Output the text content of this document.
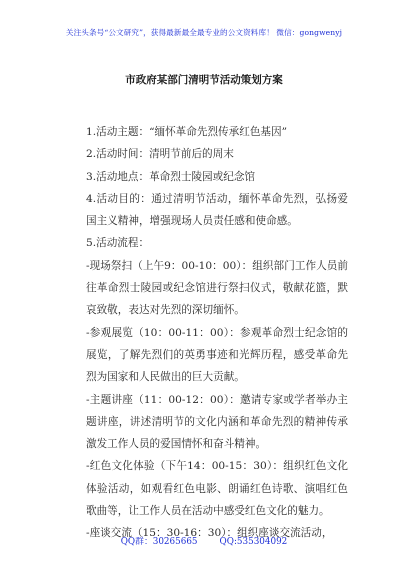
关注头条号“公文研究”，获得最新最全最专业的公文资料库！ 微信：gongwenyj
市政府某部门清明节活动策划方案

1.活动主题：“缅怀革命先烈传承红色基因”

2.活动时间：清明节前后的周末

3.活动地点：革命烈士陵园或纪念馆

4.活动目的：通过清明节活动，缅怀革命先烈，弘扬爱国主义精神，增强现场人员责任感和使命感。

5.活动流程：

-现场祭扫（上午9：00-10：00）：组织部门工作人员前往革命烈士陵园或纪念馆进行祭扫仪式，敬献花篮，默哀致敬，表达对先烈的深切缅怀。

-参观展览（10：00-11：00）：参观革命烈士纪念馆的展览，了解先烈们的英勇事迹和光辉历程，感受革命先烈为国家和人民做出的巨大贡献。

-主题讲座（11：00-12：00）：邀请专家或学者举办主题讲座，讲述清明节的文化内涵和革命先烈的精神传承激发工作人员的爱国情怀和奋斗精神。

-红色文化体验（下午14：00-15：30）：组织红色文化体验活动，如观看红色电影、朗诵红色诗歌、演唱红色歌曲等，让工作人员在活动中感受红色文化的魅力。

-座谈交流（15：30-16：30）：组织座谈交流活动，

QQ群：30265665	QQ:535304092
